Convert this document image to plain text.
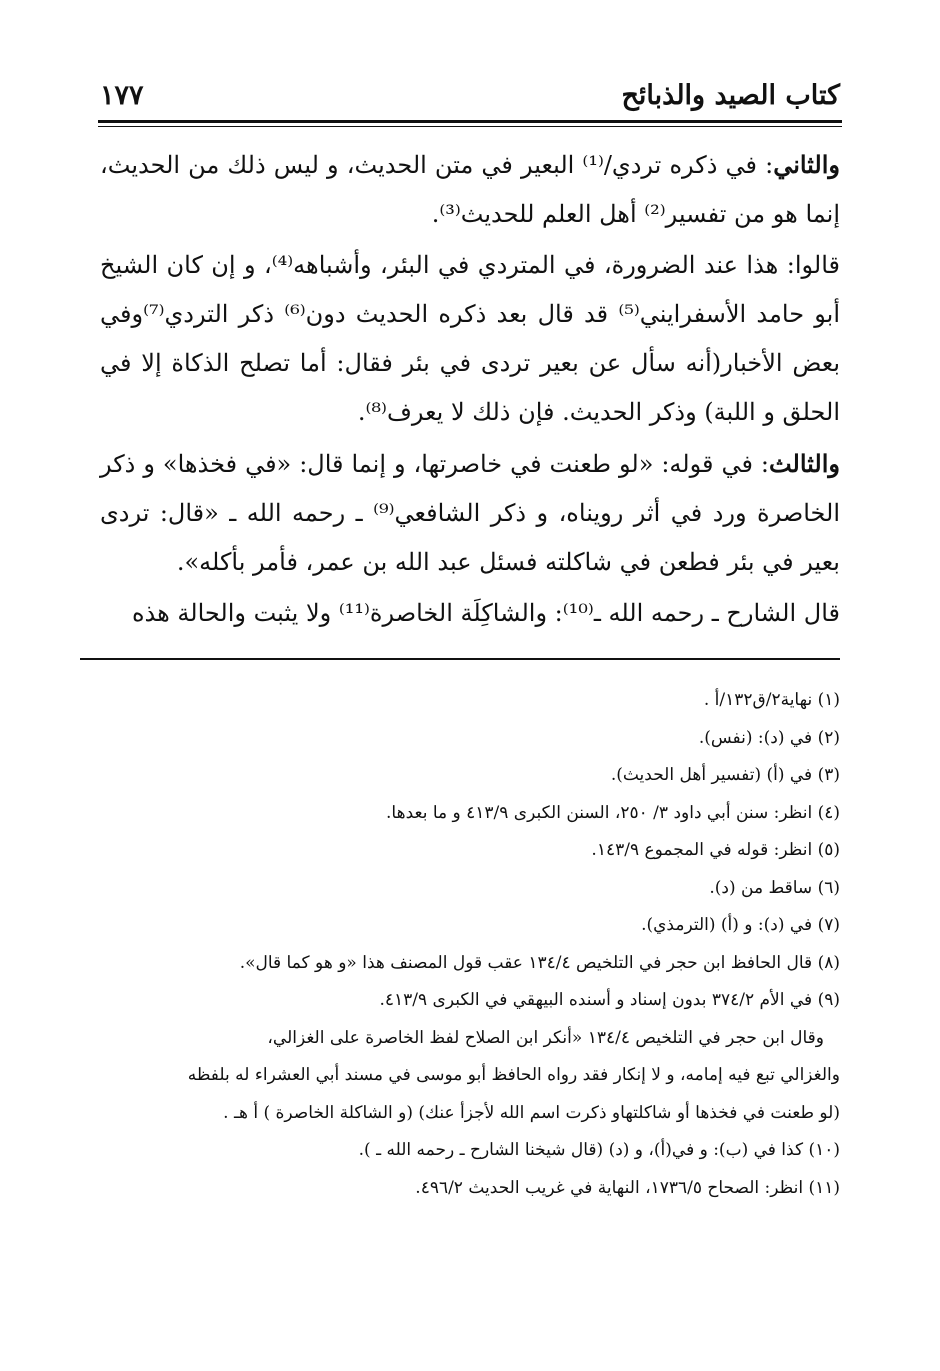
كتاب الصيد والذبائح
١٧٧

والثاني: في ذكره تردي/⁽¹⁾ البعير في متن الحديث، و ليس ذلك من الحديث، إنما هو من تفسير⁽²⁾ أهل العلم للحديث⁽³⁾.

قالوا: هذا عند الضرورة، في المتردي في البئر، وأشباهه⁽⁴⁾، و إن كان الشيخ أبو حامد الأسفرايني⁽⁵⁾ قد قال بعد ذكره الحديث دون⁽⁶⁾ ذكر التردي⁽⁷⁾وفي بعض الأخبار(أنه سأل عن بعير تردى في بئر فقال: أما تصلح الذكاة إلا في الحلق و اللبة) وذكر الحديث. فإن ذلك لا يعرف⁽⁸⁾.

والثالث: في قوله: «لو طعنت في خاصرتها، و إنما قال: «في فخذها» و ذكر الخاصرة ورد في أثر رويناه، و ذكر الشافعي⁽⁹⁾ ـ رحمه الله ـ «قال: تردى بعير في بئر فطعن في شاكلته فسئل عبد الله بن عمر، فأمر بأكله».

قال الشارح ـ رحمه الله ـ⁽¹⁰⁾: والشاكِلَة الخاصرة⁽¹¹⁾ ولا يثبت والحالة هذه

(١) نهاية٢/ق١٣٢/أ .

(٢) في (د): (نفس).

(٣) في (أ) (تفسير أهل الحديث).

(٤) انظر: سنن أبي داود ٣/ ٢٥٠، السنن الكبرى ٤١٣/٩ و ما بعدها.

(٥) انظر: قوله في المجموع ١٤٣/٩.

(٦) ساقط من (د).

(٧) في (د): و (أ) (الترمذي).

(٨) قال الحافظ ابن حجر في التلخيص ١٣٤/٤ عقب قول المصنف هذا «و هو كما قال».

(٩) في الأم ٣٧٤/٢ بدون إسناد و أسنده البيهقي في الكبرى ٤١٣/٩.

وقال ابن حجر في التلخيص ١٣٤/٤ «أنكر ابن الصلاح لفظ الخاصرة على الغزالي،

والغزالي تبع فيه إمامه، و لا إنكار فقد رواه الحافظ أبو موسى في مسند أبي العشراء له بلفظه

(لو طعنت في فخذها أو شاكلتهاو ذكرت اسم الله لأجزأ عنك) (و الشاكلة الخاصرة ) أ هـ .

(١٠) كذا في (ب): و في(أ)، و (د) (قال شيخنا الشارح ـ رحمه الله ـ ).

(١١) انظر: الصحاح ١٧٣٦/٥، النهاية في غريب الحديث ٤٩٦/٢.
